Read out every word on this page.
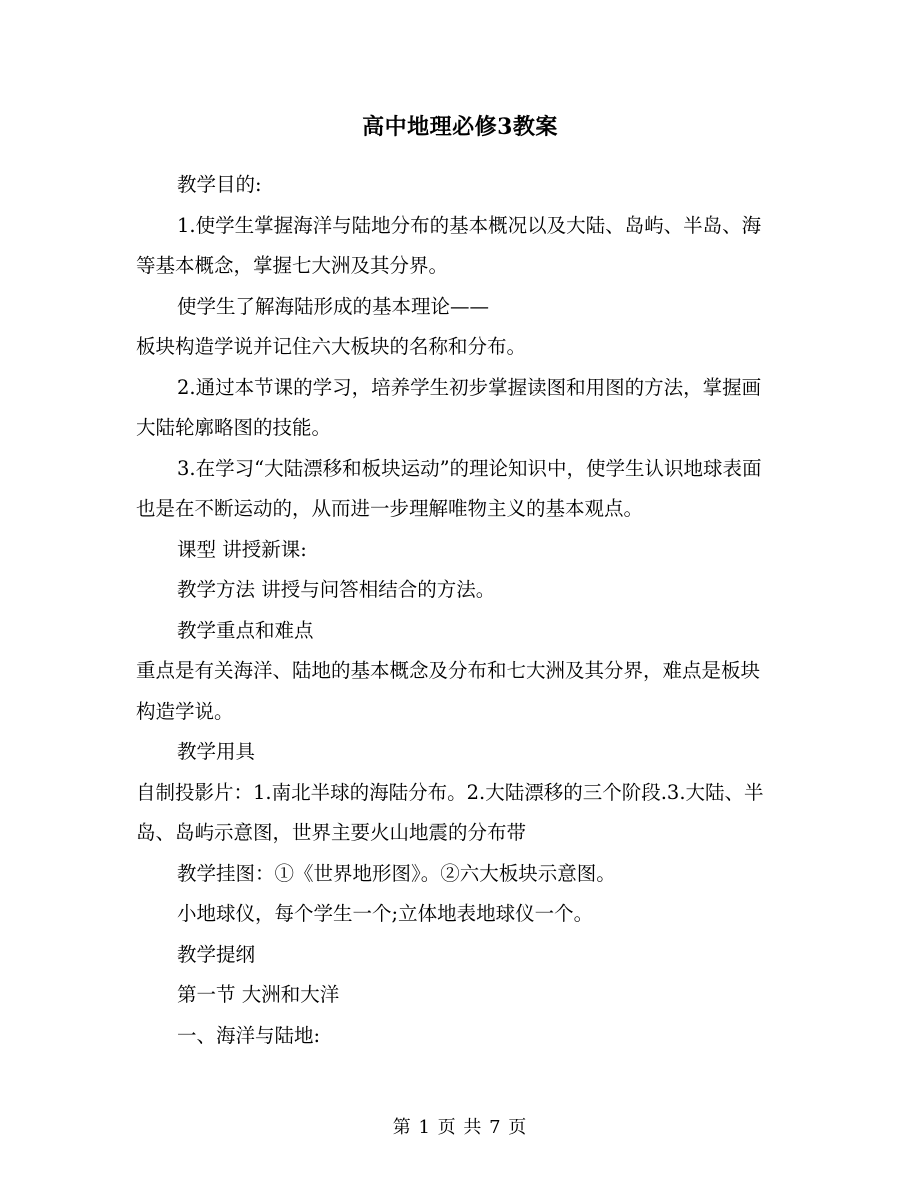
高中地理必修3教案

教学目的:

1.使学生掌握海洋与陆地分布的基本概况以及大陆、岛屿、半岛、海等基本概念，掌握七大洲及其分界。

使学生了解海陆形成的基本理论——

板块构造学说并记住六大板块的名称和分布。

2.通过本节课的学习，培养学生初步掌握读图和用图的方法，掌握画大陆轮廓略图的技能。

3.在学习“大陆漂移和板块运动”的理论知识中，使学生认识地球表面也是在不断运动的，从而进一步理解唯物主义的基本观点。

课型 讲授新课:

教学方法 讲授与问答相结合的方法。

教学重点和难点

重点是有关海洋、陆地的基本概念及分布和七大洲及其分界，难点是板块构造学说。

教学用具

自制投影片：1.南北半球的海陆分布。2.大陆漂移的三个阶段.3.大陆、半岛、岛屿示意图，世界主要火山地震的分布带

教学挂图：①《世界地形图》。②六大板块示意图。

小地球仪，每个学生一个;立体地表地球仪一个。

教学提纲

第一节 大洲和大洋

一、海洋与陆地:

第 1 页 共 7 页
